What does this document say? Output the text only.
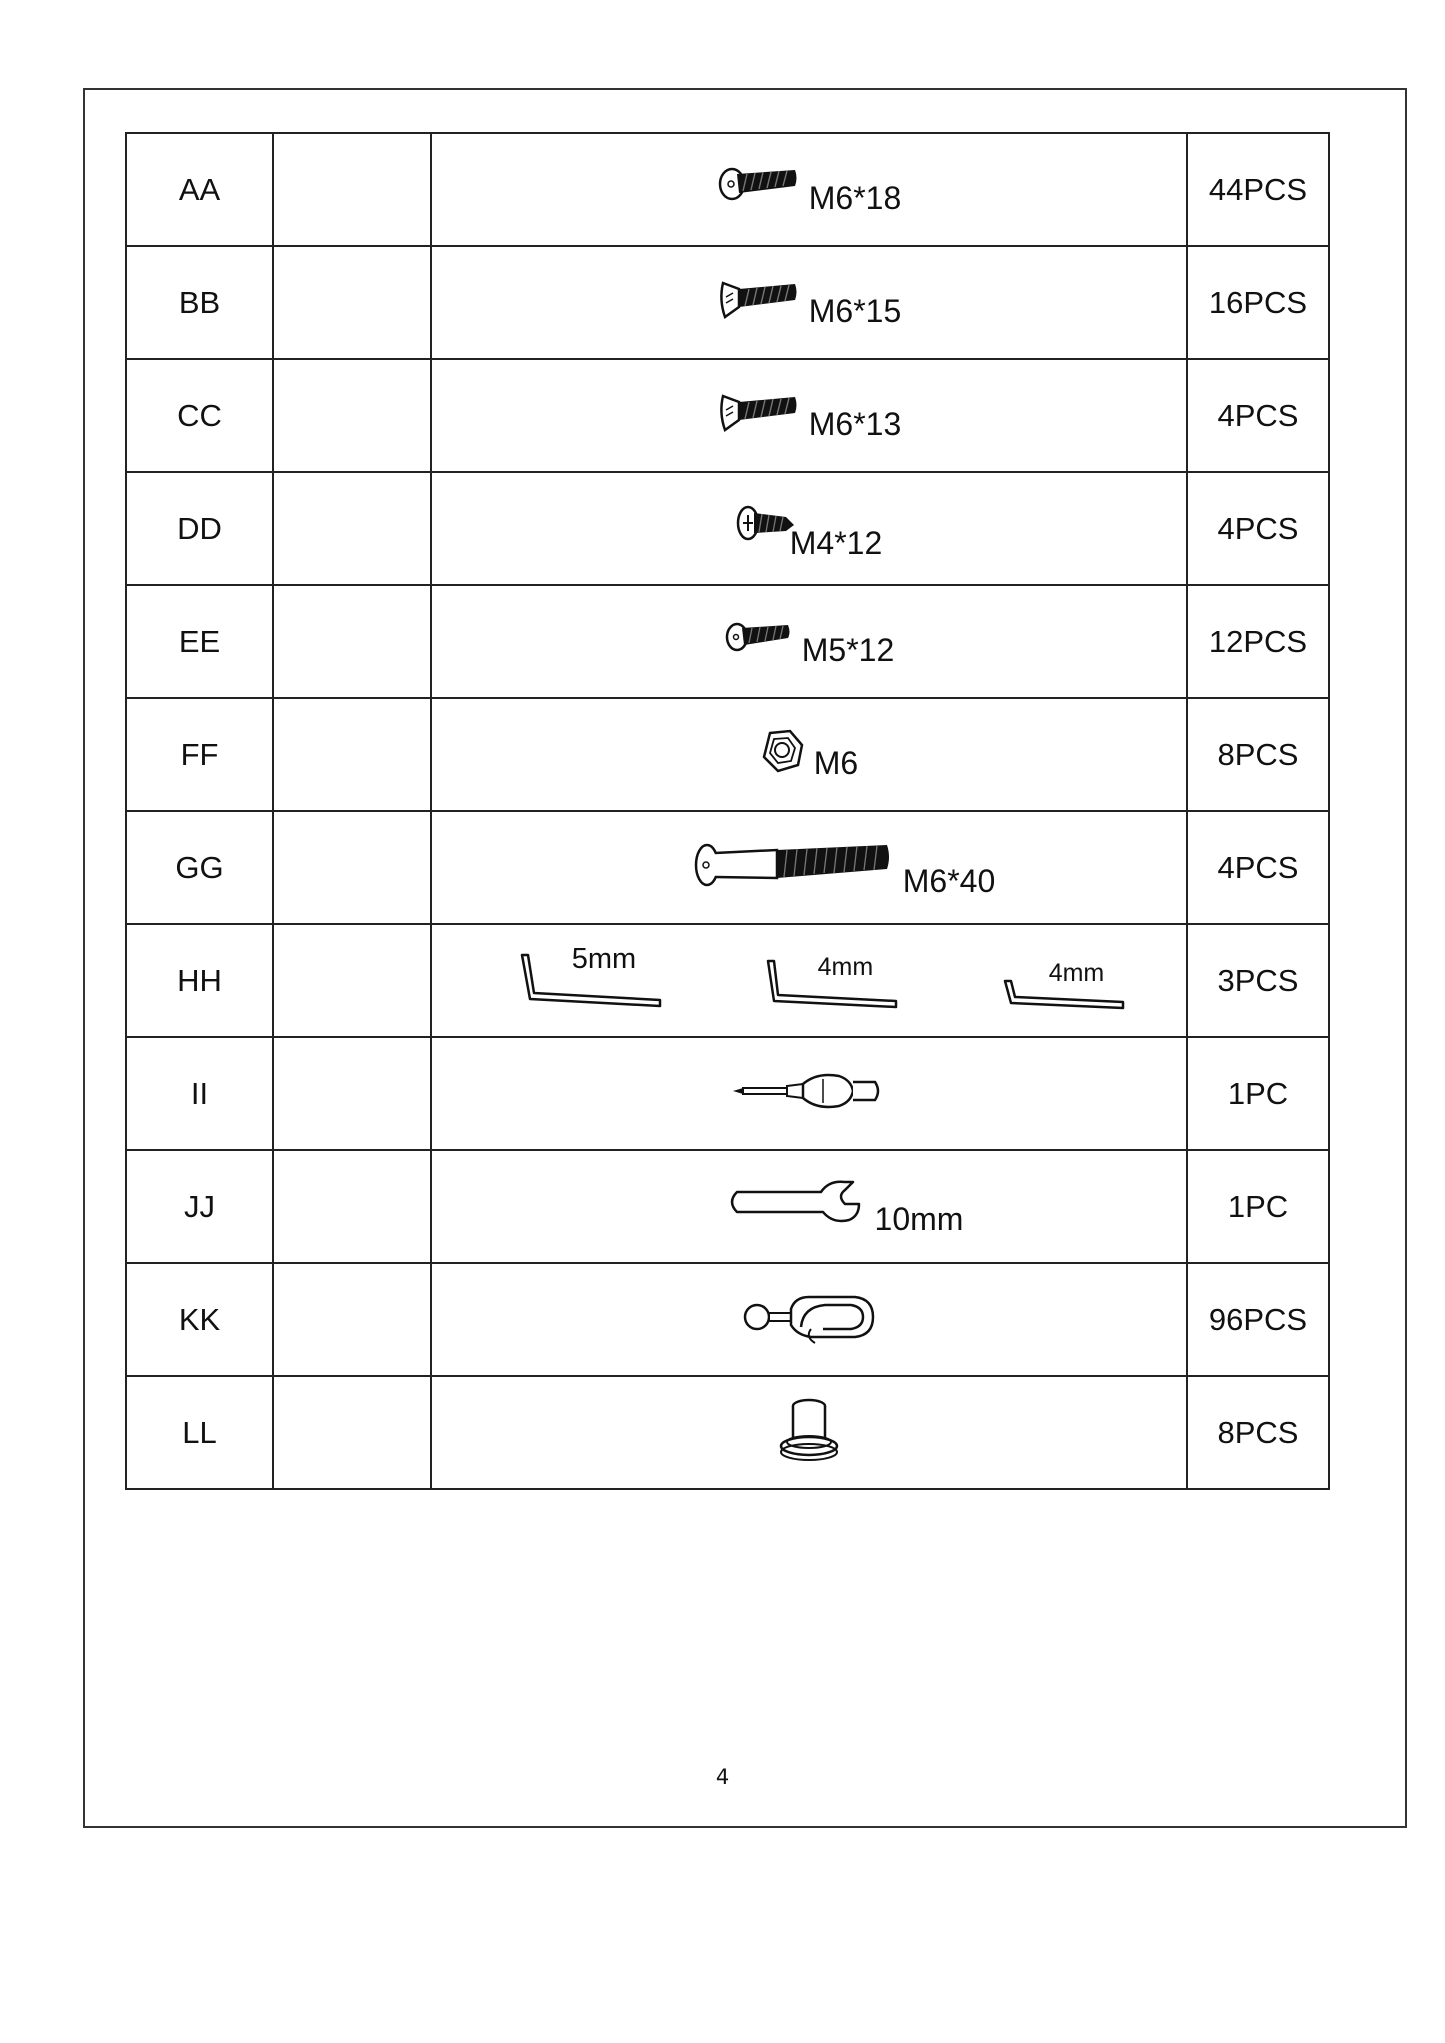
AA		M6*18	44PCS
BB		M6*15	16PCS
CC		M6*13	4PCS
DD		M4*12	4PCS
EE		M5*12	12PCS
FF		M6	8PCS
GG		M6*40	4PCS
HH		5mm 4mm 4mm	3PCS
II			1PC
JJ		10mm	1PC
KK			96PCS
LL			8PCS
4
